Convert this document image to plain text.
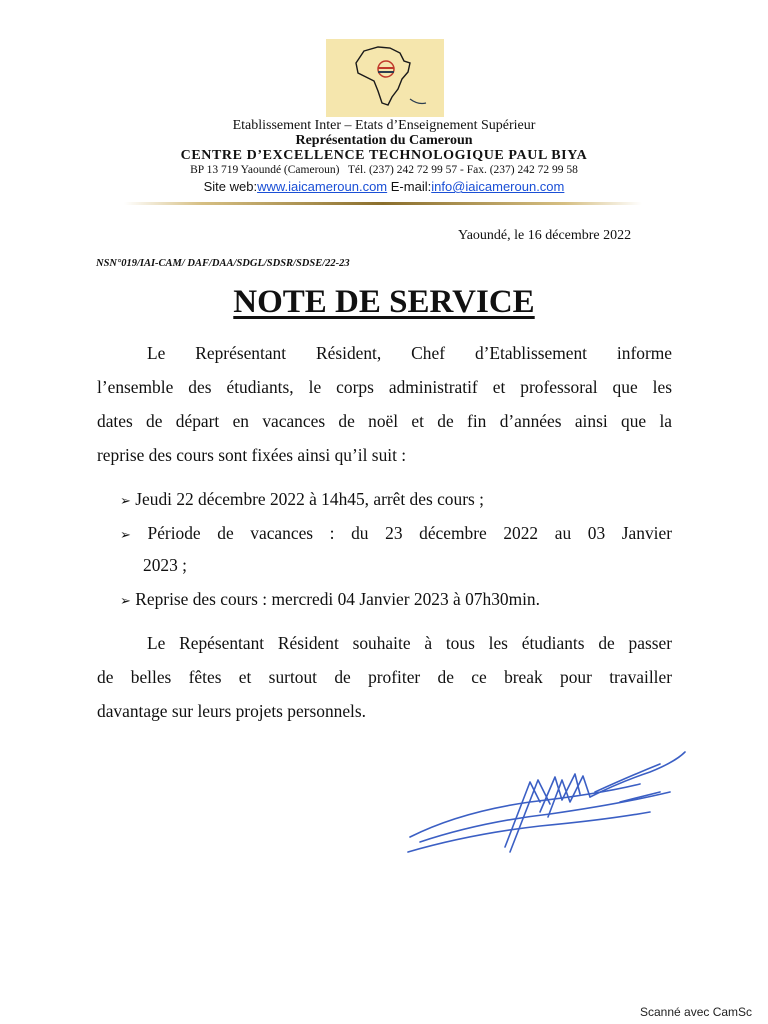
Etablissement Inter – Etats d’Enseignement Supérieur
Représentation du Cameroun
CENTRE D’EXCELLENCE TECHNOLOGIQUE PAUL BIYA
BP 13 719 Yaoundé (Cameroun) Tél. (237) 242 72 99 57 - Fax. (237) 242 72 99 58
Site web:www.iaicameroun.com E-mail:info@iaicameroun.com
Yaoundé, le 16 décembre 2022
NSN°019/IAI-CAM/ DAF/DAA/SDGL/SDSR/SDSE/22-23
NOTE DE SERVICE
Le Représentant Résident, Chef d’Etablissement informe
l’ensemble des étudiants, le corps administratif et professoral que les
dates de départ en vacances de noël et de fin d’années ainsi que la
reprise des cours sont fixées ainsi qu’il suit :
➢ Jeudi 22 décembre 2022 à 14h45, arrêt des cours ;
➢ Période de vacances : du 23 décembre 2022 au 03 Janvier
2023 ;
➢ Reprise des cours : mercredi 04 Janvier 2023 à 07h30min.
Le Repésentant Résident souhaite à tous les étudiants de passer
de belles fêtes et surtout de profiter de ce break pour travailler
davantage sur leurs projets personnels.
Scanné avec CamSc
